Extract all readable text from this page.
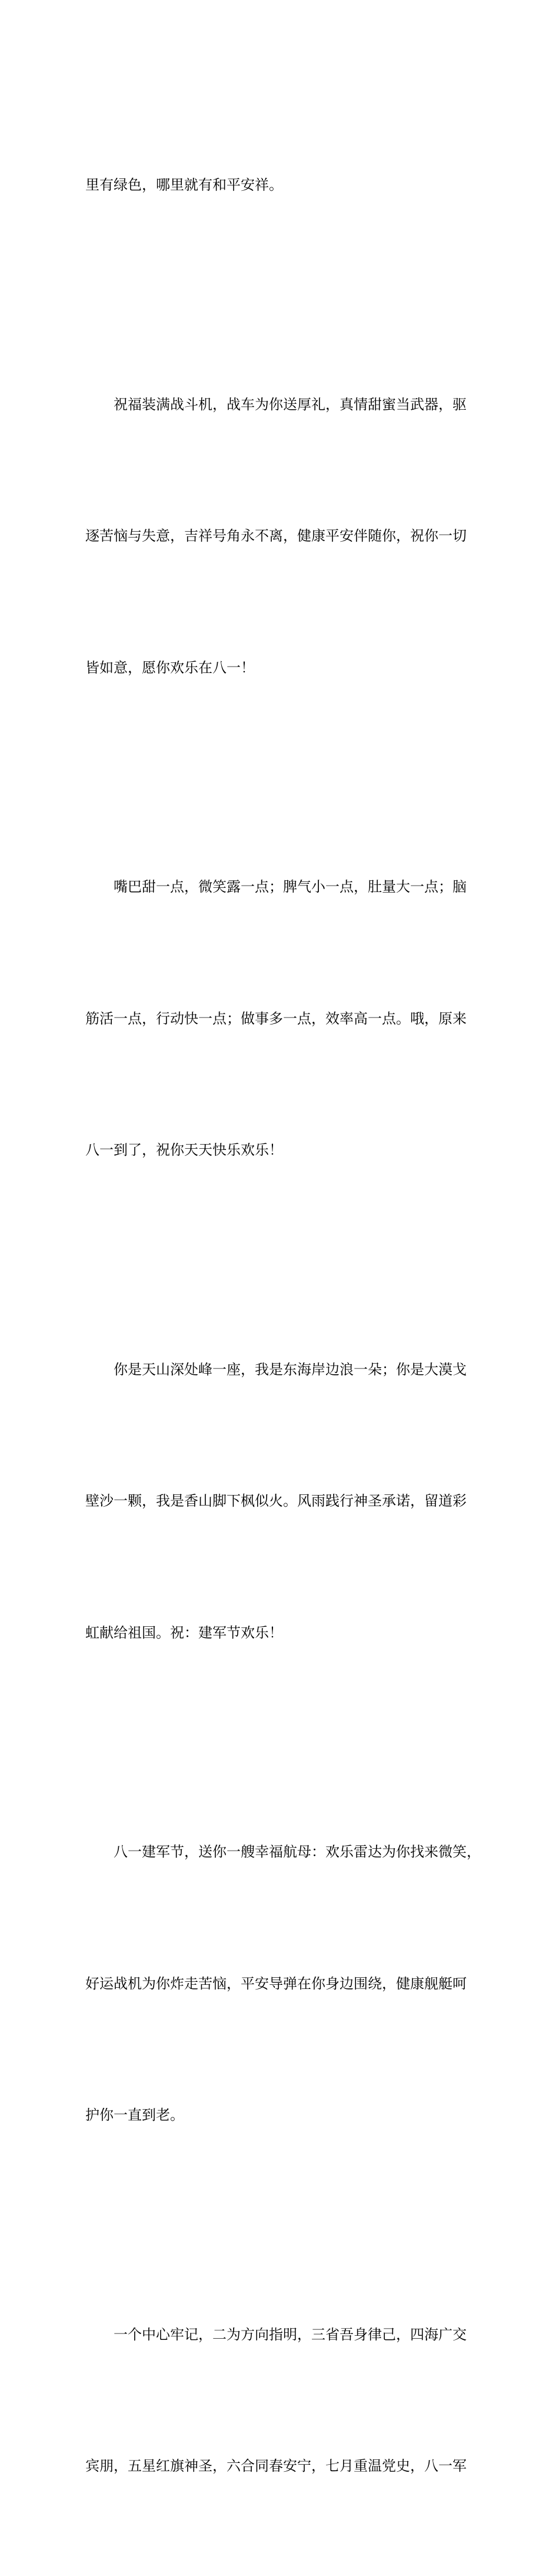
里有绿色，哪里就有和平安祥。

祝福装满战斗机，战车为你送厚礼，真情甜蜜当武器，驱

逐苦恼与失意，吉祥号角永不离，健康平安伴随你，祝你一切

皆如意，愿你欢乐在八一！

嘴巴甜一点，微笑露一点；脾气小一点，肚量大一点；脑

筋活一点，行动快一点；做事多一点，效率高一点。哦，原来

八一到了，祝你天天快乐欢乐！

你是天山深处峰一座，我是东海岸边浪一朵；你是大漠戈

壁沙一颗，我是香山脚下枫似火。风雨践行神圣承诺，留道彩

虹献给祖国。祝：建军节欢乐！

八一建军节，送你一艘幸福航母：欢乐雷达为你找来微笑，

好运战机为你炸走苦恼，平安导弹在你身边围绕，健康舰艇呵

护你一直到老。

一个中心牢记，二为方向指明，三省吾身律己，四海广交

宾朋，五星红旗神圣，六合同春安宁，七月重温党史，八一军
